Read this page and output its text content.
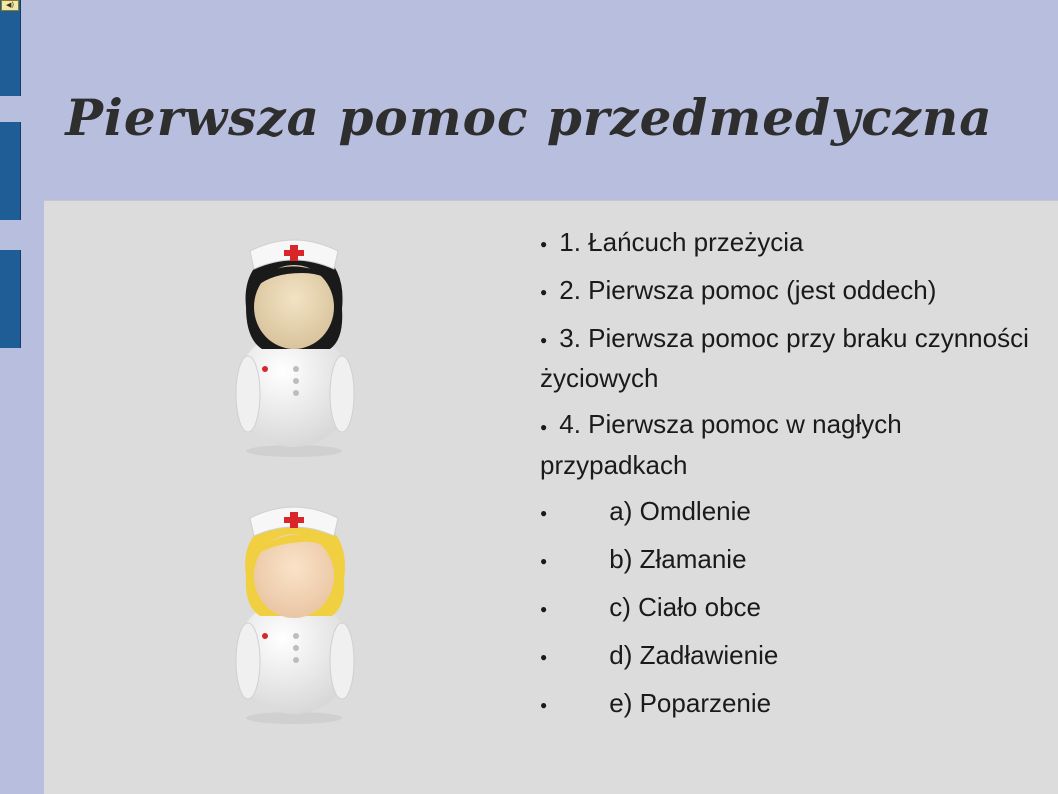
◀)
Pierwsza pomoc przedmedyczna
● 1. Łańcuch przeżycia
● 2. Pierwsza pomoc (jest oddech)
● 3. Pierwsza pomoc przy braku czynności życiowych
● 4. Pierwsza pomoc w nagłych przypadkach
● a) Omdlenie
● b) Złamanie
● c) Ciało obce
● d) Zadławienie
● e) Poparzenie
